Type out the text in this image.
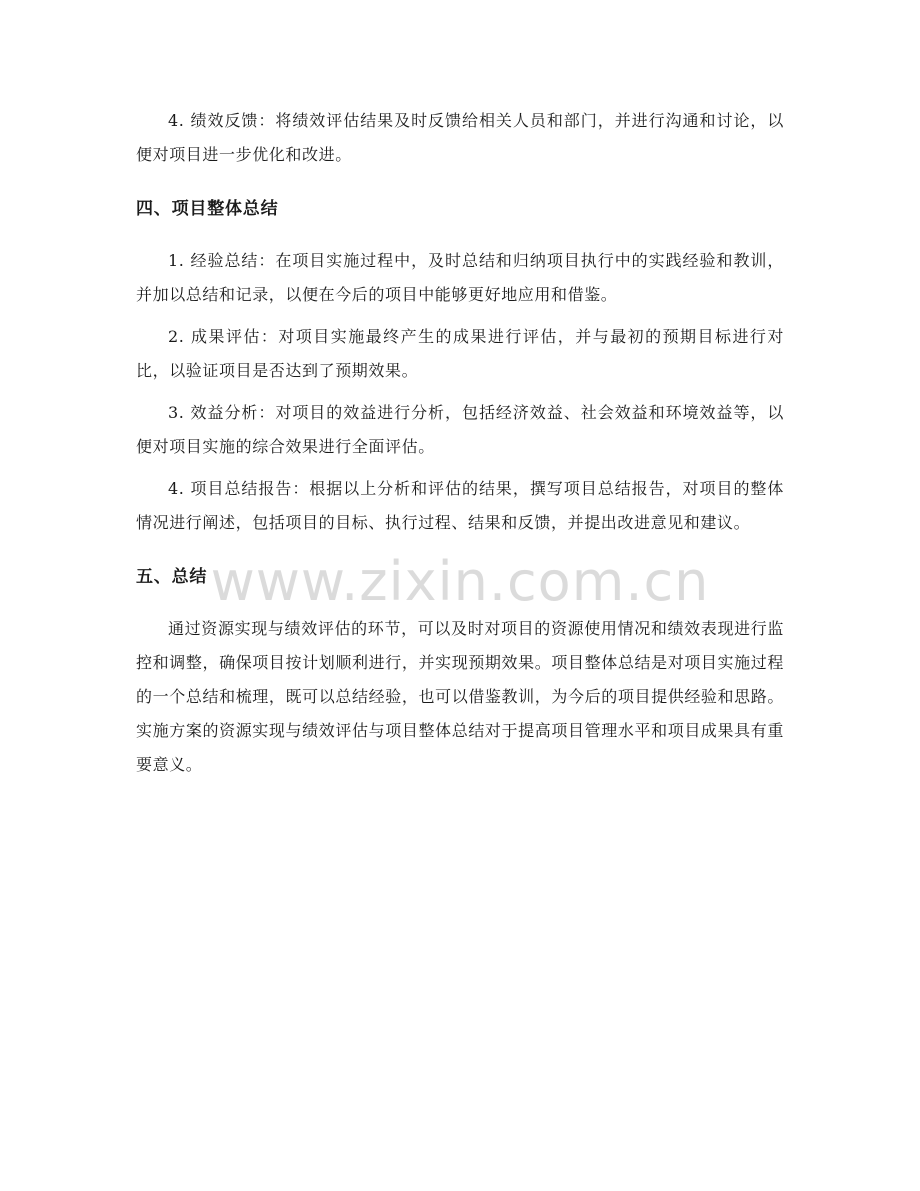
4. 绩效反馈：将绩效评估结果及时反馈给相关人员和部门，并进行沟通和讨论，以便对项目进一步优化和改进。

四、项目整体总结

1. 经验总结：在项目实施过程中，及时总结和归纳项目执行中的实践经验和教训，并加以总结和记录，以便在今后的项目中能够更好地应用和借鉴。

2. 成果评估：对项目实施最终产生的成果进行评估，并与最初的预期目标进行对比，以验证项目是否达到了预期效果。

3. 效益分析：对项目的效益进行分析，包括经济效益、社会效益和环境效益等，以便对项目实施的综合效果进行全面评估。

4. 项目总结报告：根据以上分析和评估的结果，撰写项目总结报告，对项目的整体情况进行阐述，包括项目的目标、执行过程、结果和反馈，并提出改进意见和建议。

五、总结

通过资源实现与绩效评估的环节，可以及时对项目的资源使用情况和绩效表现进行监控和调整，确保项目按计划顺利进行，并实现预期效果。项目整体总结是对项目实施过程的一个总结和梳理，既可以总结经验，也可以借鉴教训，为今后的项目提供经验和思路。实施方案的资源实现与绩效评估与项目整体总结对于提高项目管理水平和项目成果具有重要意义。

www.zixin.com.cn
